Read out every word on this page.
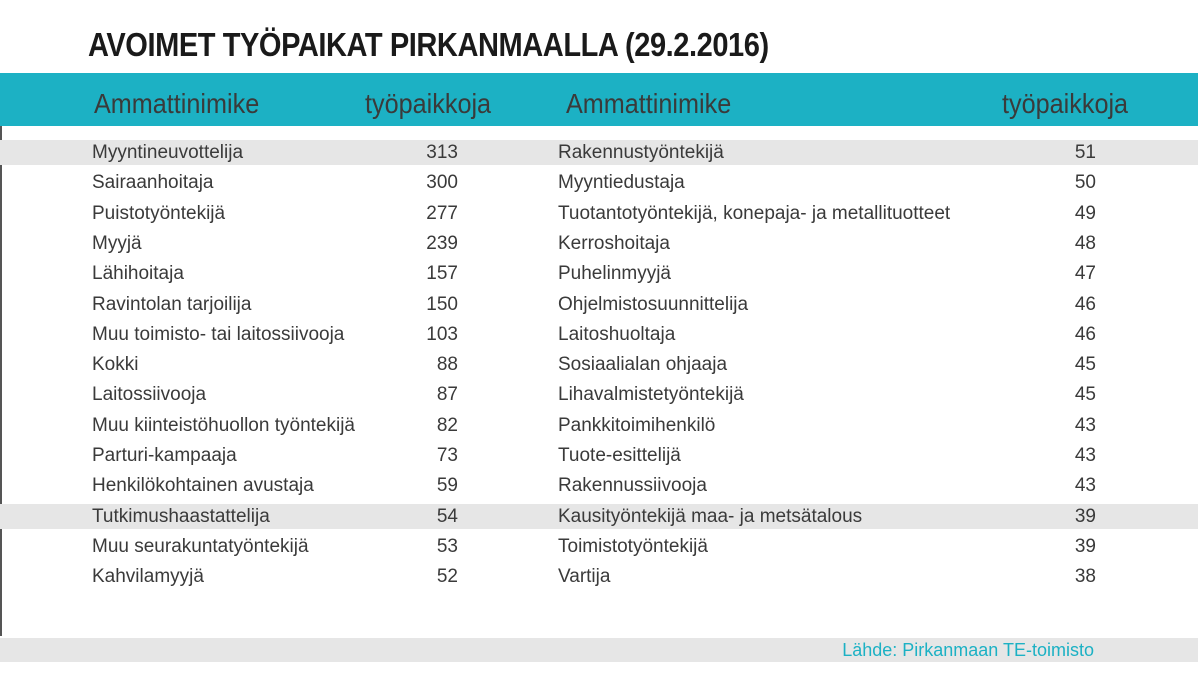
AVOIMET TYÖPAIKAT PIRKANMAALLA (29.2.2016)
Ammattinimike	työpaikkoja	Ammattinimike	työpaikkoja
Myyntineuvottelija	313	Rakennustyöntekijä	51
Sairaanhoitaja	300	Myyntiedustaja	50
Puistotyöntekijä	277	Tuotantotyöntekijä, konepaja- ja metallituotteet	49
Myyjä	239	Kerroshoitaja	48
Lähihoitaja	157	Puhelinmyyjä	47
Ravintolan tarjoilija	150	Ohjelmistosuunnittelija	46
Muu toimisto- tai laitossiivooja	103	Laitoshuoltaja	46
Kokki	88	Sosiaalialan ohjaaja	45
Laitossiivooja	87	Lihavalmistetyöntekijä	45
Muu kiinteistöhuollon työntekijä	82	Pankkitoimihenkilö	43
Parturi-kampaaja	73	Tuote-esittelijä	43
Henkilökohtainen avustaja	59	Rakennussiivooja	43
Tutkimushaastattelija	54	Kausityöntekijä maa- ja metsätalous	39
Muu seurakuntatyöntekijä	53	Toimistotyöntekijä	39
Kahvilamyyjä	52	Vartija	38
Lähde: Pirkanmaan TE-toimisto
